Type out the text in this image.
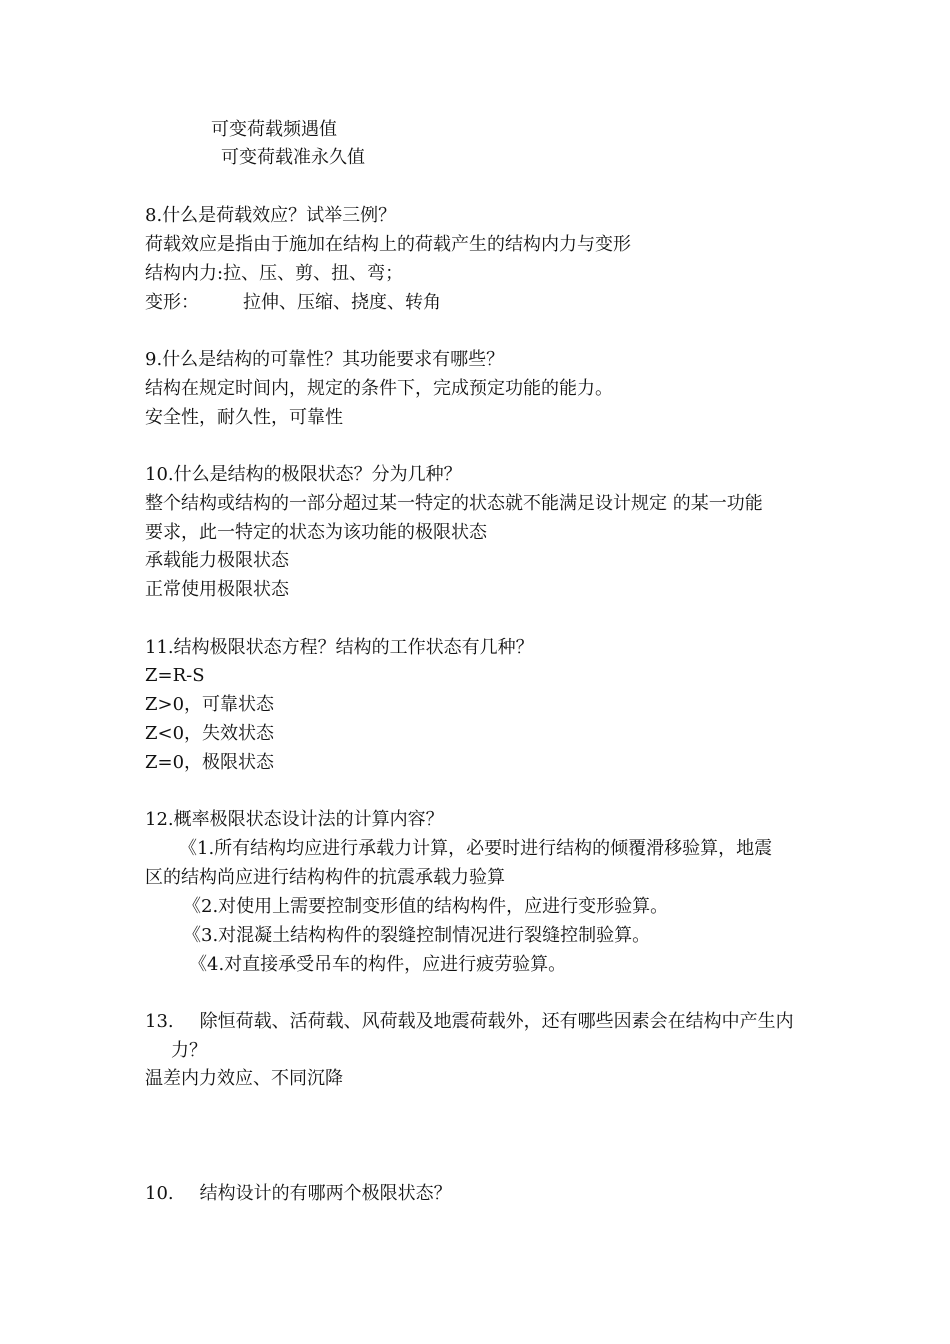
可变荷载频遇值
可变荷载准永久值
8.什么是荷载效应？试举三例？
荷载效应是指由于施加在结构上的荷载产生的结构内力与变形
结构内力:拉、压、剪、扭、弯；
变形： 拉伸、压缩、挠度、转角
9.什么是结构的可靠性？其功能要求有哪些？
结构在规定时间内，规定的条件下，完成预定功能的能力。
安全性，耐久性，可靠性
10.什么是结构的极限状态？分为几种？
整个结构或结构的一部分超过某一特定的状态就不能满足设计规定 的某一功能
要求，此一特定的状态为该功能的极限状态
承载能力极限状态
正常使用极限状态
11.结构极限状态方程？结构的工作状态有几种？
Z=R-S
Z>0，可靠状态
Z<0，失效状态
Z=0，极限状态
12.概率极限状态设计法的计算内容？
《1.所有结构均应进行承载力计算，必要时进行结构的倾覆滑移验算，地震
区的结构尚应进行结构构件的抗震承载力验算
《2.对使用上需要控制变形值的结构构件，应进行变形验算。
《3.对混凝土结构构件的裂缝控制情况进行裂缝控制验算。
《4.对直接承受吊车的构件，应进行疲劳验算。
13. 除恒荷载、活荷载、风荷载及地震荷载外，还有哪些因素会在结构中产生内
力？
温差内力效应、不同沉降
10. 结构设计的有哪两个极限状态？
